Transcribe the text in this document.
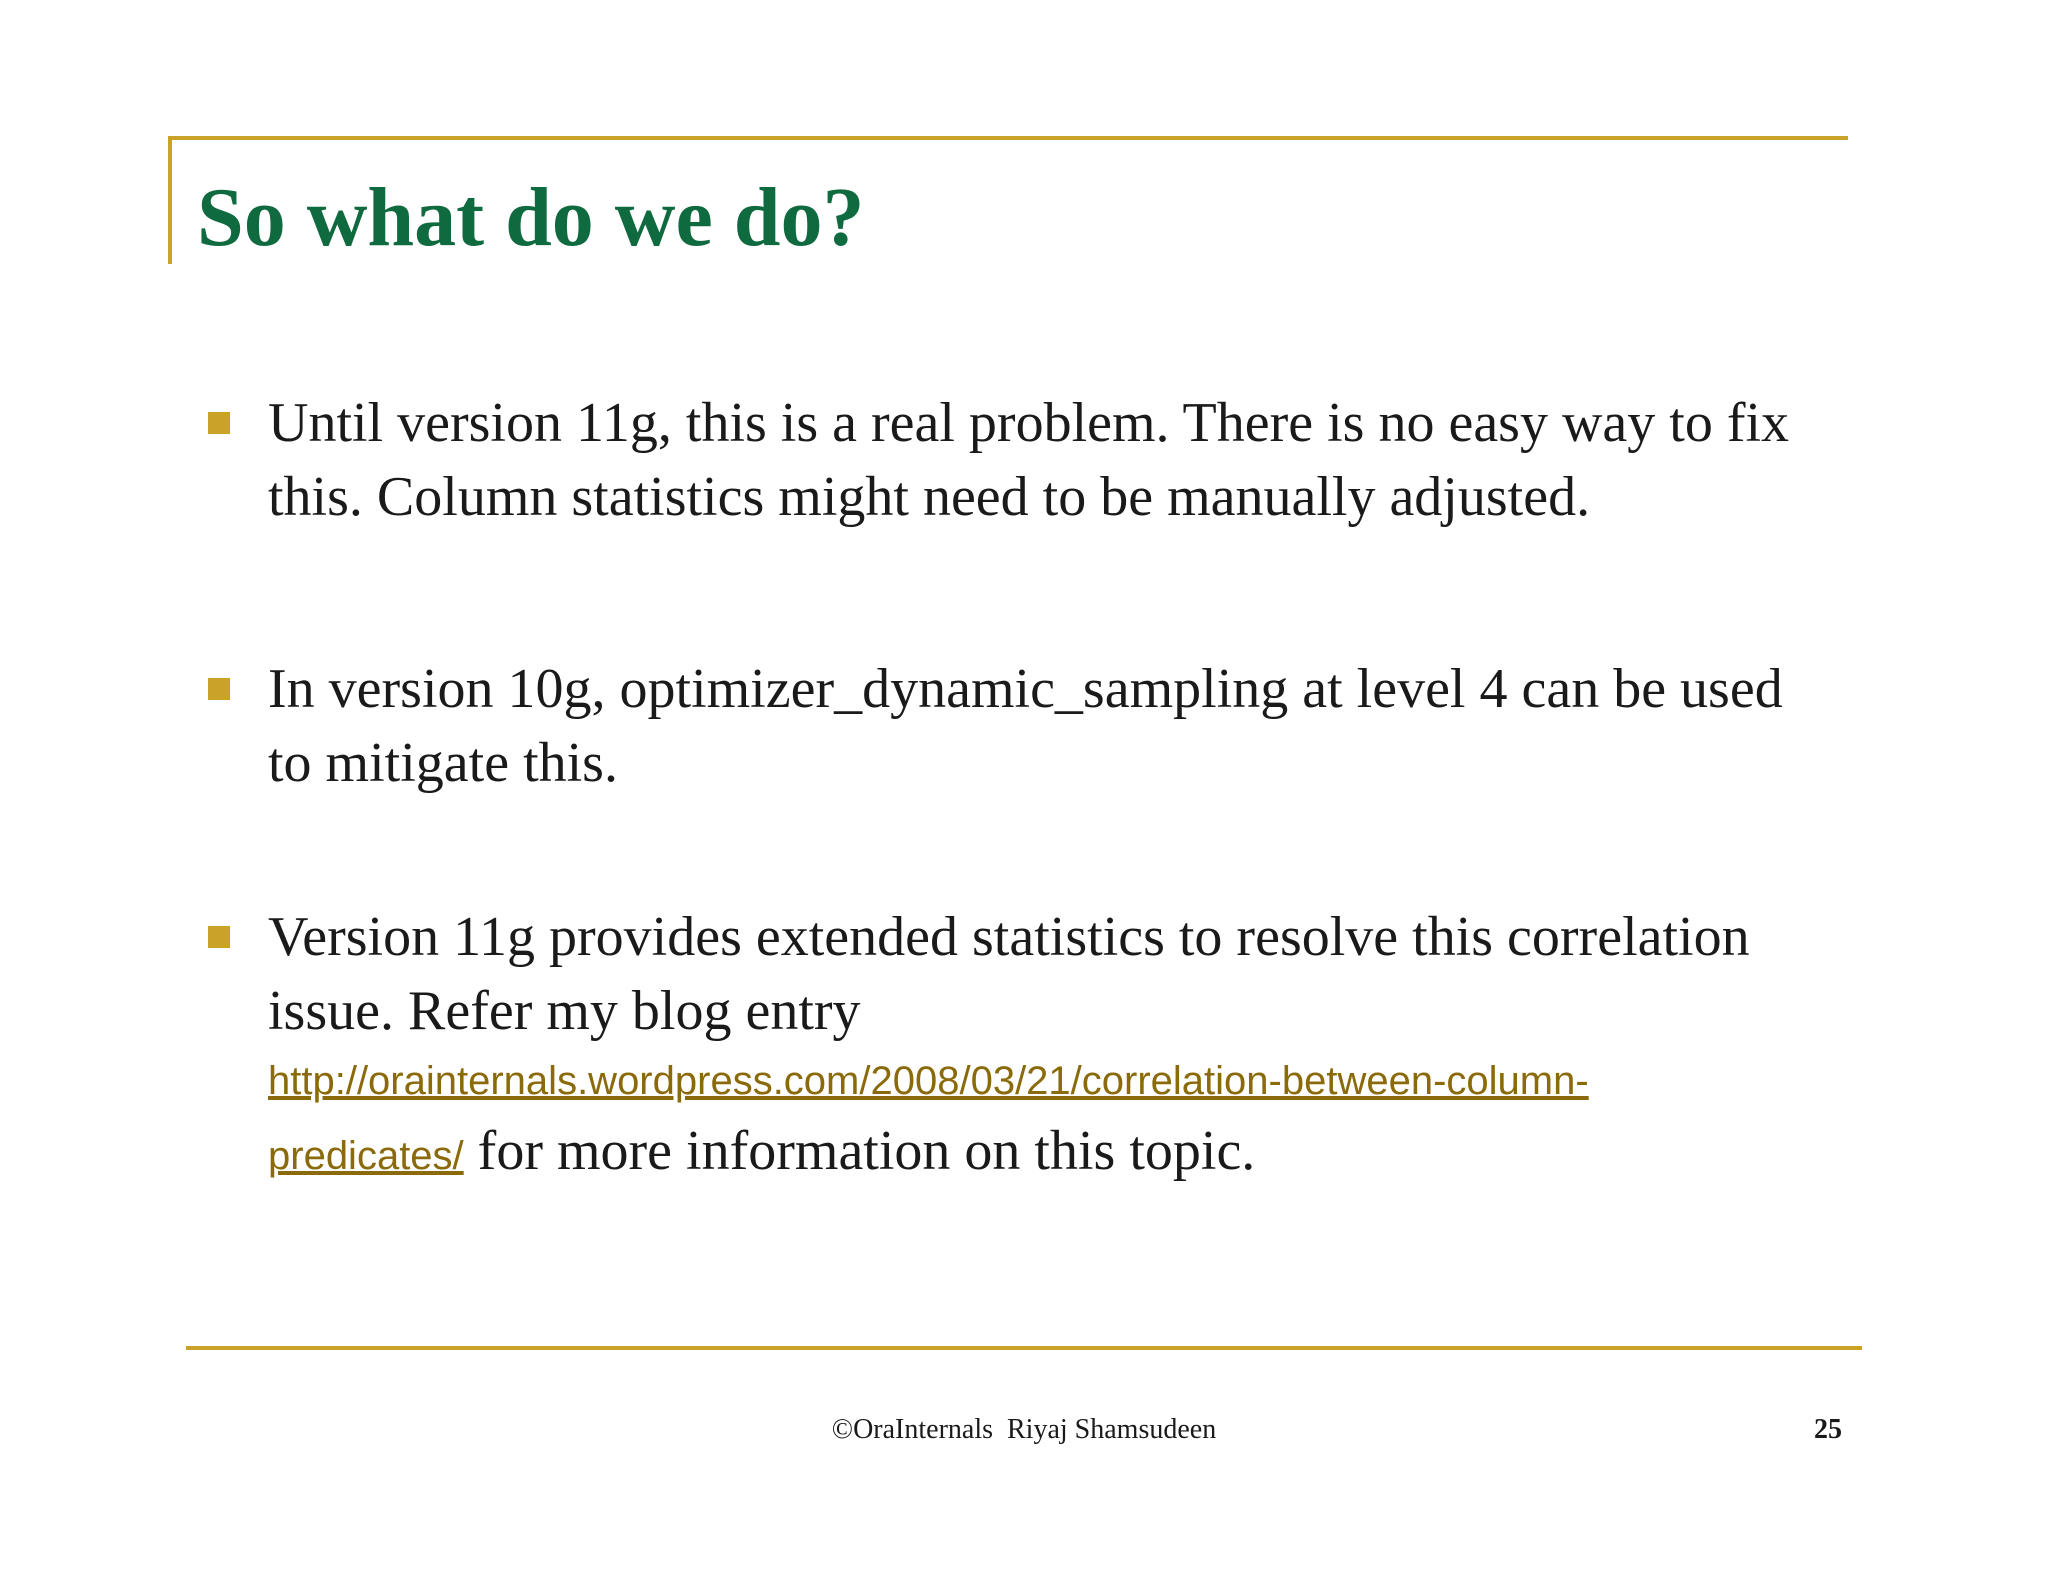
So what do we do?
Until version 11g, this is a real problem. There is no easy way to fix this. Column statistics might need to be manually adjusted.
In version 10g, optimizer_dynamic_sampling at level 4 can be used to mitigate this.
Version 11g provides extended statistics to resolve this correlation issue. Refer my blog entry
http://orainternals.wordpress.com/2008/03/21/correlation-between-column-
predicates/ for more information on this topic.
©OraInternals  Riyaj Shamsudeen	25
